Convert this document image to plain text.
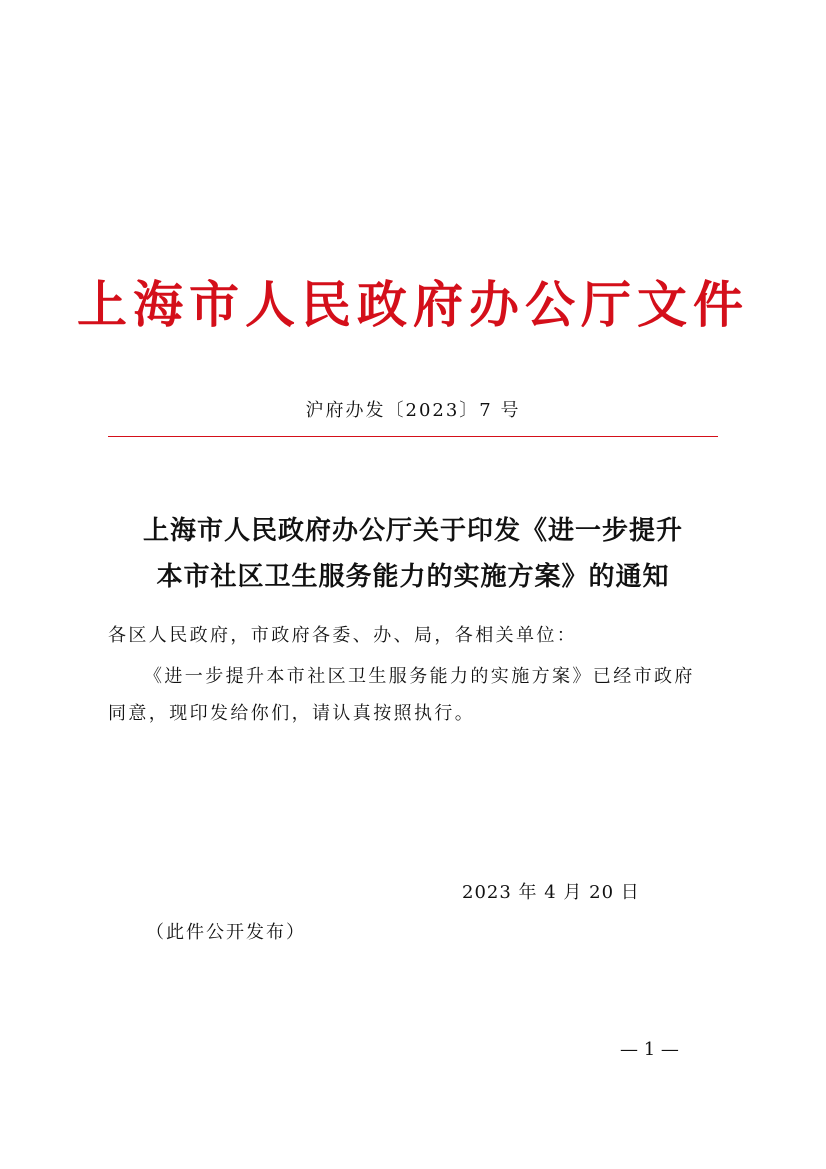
上海市人民政府办公厅文件
沪府办发〔2023〕7 号
上海市人民政府办公厅关于印发《进一步提升
本市社区卫生服务能力的实施方案》的通知
各区人民政府，市政府各委、办、局，各相关单位：
《进一步提升本市社区卫生服务能力的实施方案》已经市政府
同意，现印发给你们，请认真按照执行。
2023 年 4 月 20 日
（此件公开发布）
— 1 —
